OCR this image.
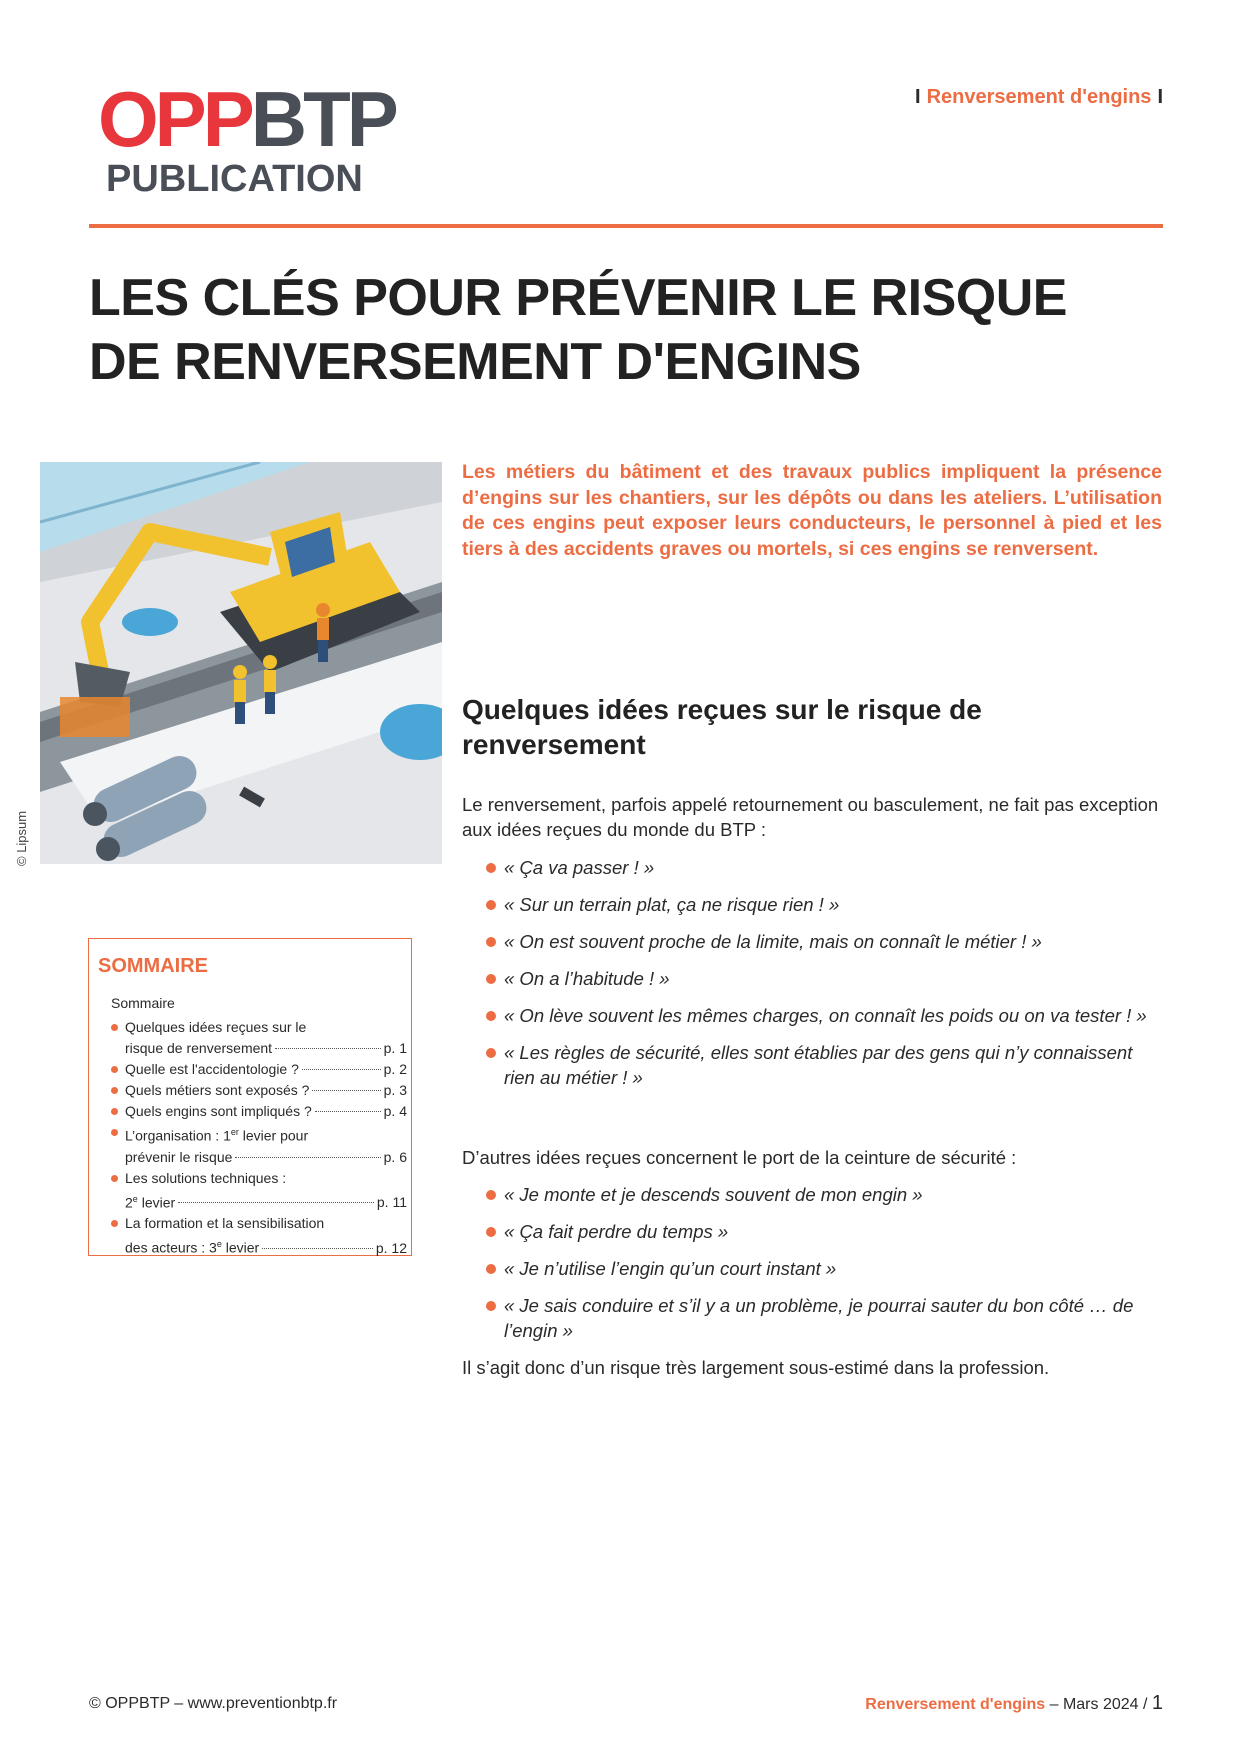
OPPBTP
PUBLICATION
I Renversement d'engins I
LES CLÉS POUR PRÉVENIR LE RISQUE
DE RENVERSEMENT D'ENGINS
© Lipsum
Les métiers du bâtiment et des travaux publics impliquent la présence d’engins sur les chantiers, sur les dépôts ou dans les ateliers. L’utilisation de ces engins peut exposer leurs conducteurs, le personnel à pied et les tiers à des accidents graves ou mortels, si ces engins se renversent.
Quelques idées reçues sur le risque de renversement
Le renversement, parfois appelé retournement ou basculement, ne fait pas exception aux idées reçues du monde du BTP :
« Ça va passer ! »
« Sur un terrain plat, ça ne risque rien ! »
« On est souvent proche de la limite, mais on connaît le métier ! »
« On a l’habitude ! »
« On lève souvent les mêmes charges, on connaît les poids ou on va tester ! »
« Les règles de sécurité, elles sont établies par des gens qui n’y connaissent rien au métier ! »
D’autres idées reçues concernent le port de la ceinture de sécurité :
« Je monte et je descends souvent de mon engin »
« Ça fait perdre du temps »
« Je n’utilise l’engin qu’un court instant »
« Je sais conduire et s’il y a un problème, je pourrai sauter du bon côté … de l’engin »
Il s’agit donc d’un risque très largement sous-estimé dans la profession.
SOMMAIRE
Sommaire
Quelques idées reçues sur le
risque de renversement	p. 1
Quelle est l'accidentologie ?	p. 2
Quels métiers sont exposés ?	p. 3
Quels engins sont impliqués ?	p. 4
L’organisation : 1er levier pour
prévenir le risque	p. 6
Les solutions techniques :
2e levier	p. 11
La formation et la sensibilisation
des acteurs : 3e levier	p. 12
© OPPBTP – www.preventionbtp.fr	Renversement d'engins – Mars 2024 / 1
